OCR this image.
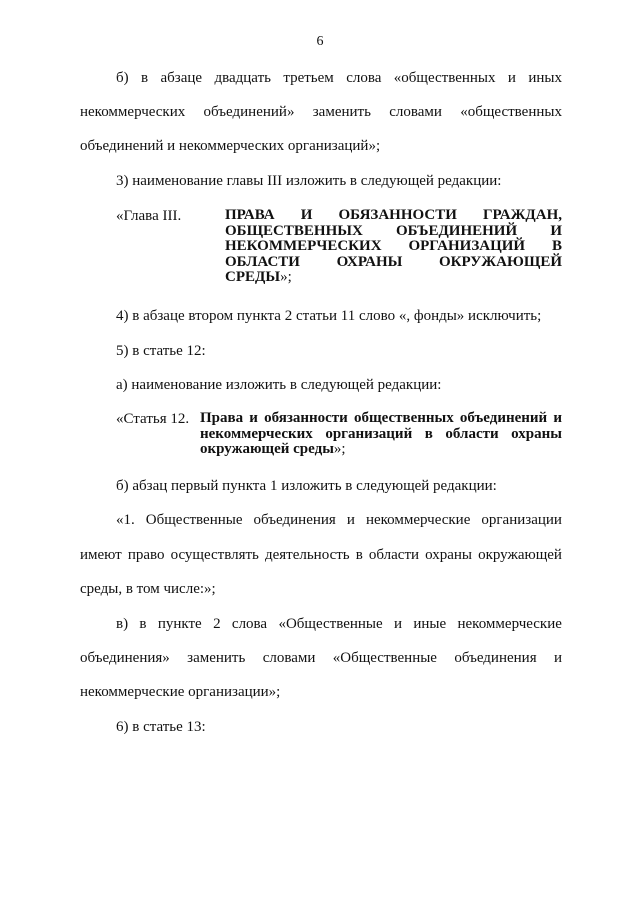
6
б) в абзаце двадцать третьем слова «общественных и иных
некоммерческих объединений» заменить словами «общественных
объединений и некоммерческих организаций»;
3) наименование главы III изложить в следующей редакции:
«Глава III.	ПРАВА И ОБЯЗАННОСТИ ГРАЖДАН,
ОБЩЕСТВЕННЫХ ОБЪЕДИНЕНИЙ И
НЕКОММЕРЧЕСКИХ ОРГАНИЗАЦИЙ В
ОБЛАСТИ ОХРАНЫ ОКРУЖАЮЩЕЙ
СРЕДЫ»;
4) в абзаце втором пункта 2 статьи 11 слово «, фонды» исключить;
5) в статье 12:
а) наименование изложить в следующей редакции:
«Статья 12. Права и обязанности общественных объединений и
некоммерческих организаций в области охраны
окружающей среды»;
б) абзац первый пункта 1 изложить в следующей редакции:
«1. Общественные объединения и некоммерческие организации
имеют право осуществлять деятельность в области охраны окружающей
среды, в том числе:»;
в) в пункте 2 слова «Общественные и иные некоммерческие
объединения» заменить словами «Общественные объединения и
некоммерческие организации»;
6) в статье 13:
